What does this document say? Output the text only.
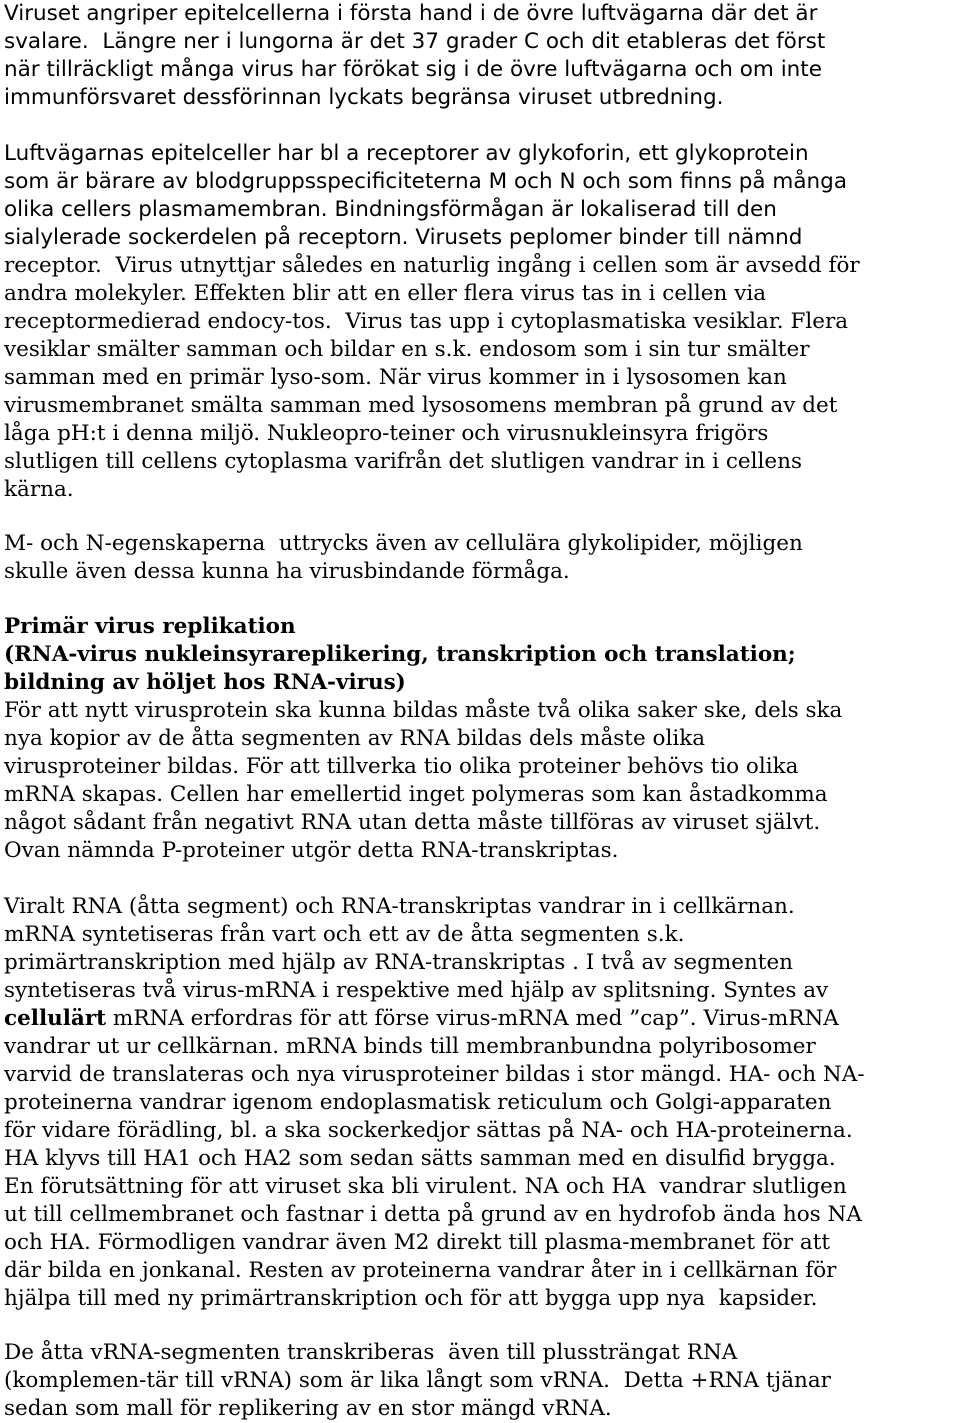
Viruset angriper epitelcellerna i första hand i de övre luftvägarna där det är
svalare.  Längre ner i lungorna är det 37 grader C och dit etableras det först
när tillräckligt många virus har förökat sig i de övre luftvägarna och om inte
immunförsvaret dessförinnan lyckats begränsa viruset utbredning.
Luftvägarnas epitelceller har bl a receptorer av glykoforin, ett glykoprotein
som är bärare av blodgruppsspecificiteterna M och N och som finns på många
olika cellers plasmamembran. Bindningsförmågan är lokaliserad till den
sialylerade sockerdelen på receptorn. Virusets peplomer binder till nämnd
receptor.  Virus utnyttjar således en naturlig ingång i cellen som är avsedd för
andra molekyler. Effekten blir att en eller flera virus tas in i cellen via
receptormedierad endocy-tos.  Virus tas upp i cytoplasmatiska vesiklar. Flera
vesiklar smälter samman och bildar en s.k. endosom som i sin tur smälter
samman med en primär lyso-som. När virus kommer in i lysosomen kan
virusmembranet smälta samman med lysosomens membran på grund av det
låga pH:t i denna miljö. Nukleopro-teiner och virusnukleinsyra frigörs
slutligen till cellens cytoplasma varifrån det slutligen vandrar in i cellens
kärna.
M- och N-egenskaperna  uttrycks även av cellulära glykolipider, möjligen
skulle även dessa kunna ha virusbindande förmåga.
Primär virus replikation
(RNA-virus nukleinsyrareplikering, transkription och translation;
bildning av höljet hos RNA-virus)
För att nytt virusprotein ska kunna bildas måste två olika saker ske, dels ska
nya kopior av de åtta segmenten av RNA bildas dels måste olika
virusproteiner bildas. För att tillverka tio olika proteiner behövs tio olika
mRNA skapas. Cellen har emellertid inget polymeras som kan åstadkomma
något sådant från negativt RNA utan detta måste tillföras av viruset självt.
Ovan nämnda P-proteiner utgör detta RNA-transkriptas.
Viralt RNA (åtta segment) och RNA-transkriptas vandrar in i cellkärnan.
mRNA syntetiseras från vart och ett av de åtta segmenten s.k.
primärtranskription med hjälp av RNA-transkriptas . I två av segmenten
syntetiseras två virus-mRNA i respektive med hjälp av splitsning. Syntes av
cellulärt mRNA erfordras för att förse virus-mRNA med ”cap”. Virus-mRNA
vandrar ut ur cellkärnan. mRNA binds till membranbundna polyribosomer
varvid de translateras och nya virusproteiner bildas i stor mängd. HA- och NA-
proteinerna vandrar igenom endoplasmatisk reticulum och Golgi-apparaten
för vidare förädling, bl. a ska sockerkedjor sättas på NA- och HA-proteinerna.
HA klyvs till HA1 och HA2 som sedan sätts samman med en disulfid brygga.
En förutsättning för att viruset ska bli virulent. NA och HA  vandrar slutligen
ut till cellmembranet och fastnar i detta på grund av en hydrofob ända hos NA
och HA. Förmodligen vandrar även M2 direkt till plasma-membranet för att
där bilda en jonkanal. Resten av proteinerna vandrar åter in i cellkärnan för
hjälpa till med ny primärtranskription och för att bygga upp nya  kapsider.
De åtta vRNA-segmenten transkriberas  även till plussträngat RNA
(komplemen-tär till vRNA) som är lika långt som vRNA.  Detta +RNA tjänar
sedan som mall för replikering av en stor mängd vRNA.
